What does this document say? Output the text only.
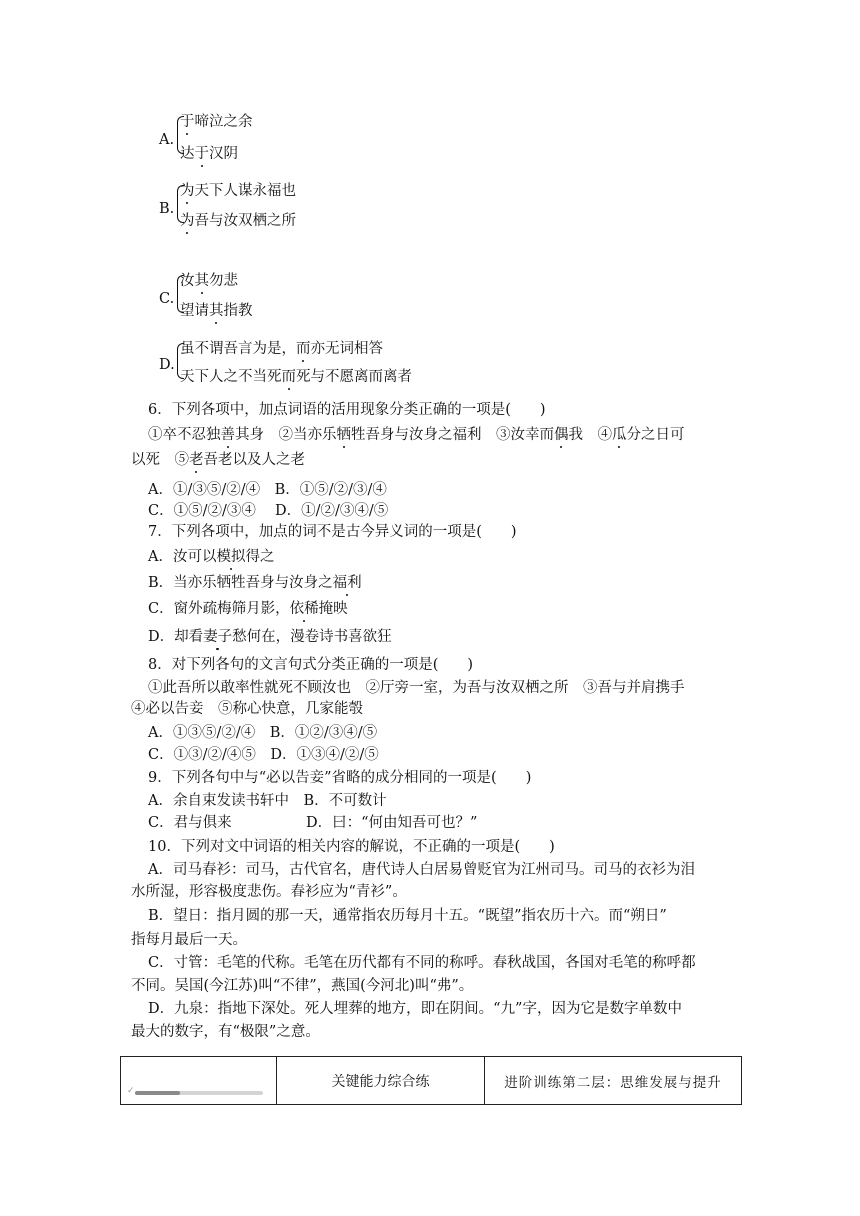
A.
于啼泣之余
达于汉阴
B.
为天下人谋永福也
为吾与汝双栖之所
C.
汝其勿悲
望请其指教
D.
虽不谓吾言为是，而亦无词相答
天下人之不当死而死与不愿离而离者
6．下列各项中，加点词语的活用现象分类正确的一项是(　　)
①卒不忍独善其身　②当亦乐牺牲吾身与汝身之福利　③汝幸而偶我　④瓜分之日可
以死　⑤老吾老以及人之老
A．①/③⑤/②/④　B．①⑤/②/③/④
C．①⑤/②/③④　 D．①/②/③④/⑤
7．下列各项中，加点的词不是古今异义词的一项是(　　)
A．汝可以模拟得之
B．当亦乐牺牲吾身与汝身之福利
C．窗外疏梅筛月影，依稀掩映
D．却看妻子愁何在，漫卷诗书喜欲狂
8．对下列各句的文言句式分类正确的一项是(　　)
①此吾所以敢率性就死不顾汝也　②厅旁一室，为吾与汝双栖之所　③吾与并肩携手
④必以告妾　⑤称心快意，几家能彀
A．①③⑤/②/④　B．①②/③④/⑤
C．①③/②/④⑤　D．①③④/②/⑤
9．下列各句中与“必以告妾”省略的成分相同的一项是(　　)
A．余自束发读书轩中　B．不可数计
C．君与俱来	D．曰：“何由知吾可也？”
10．下列对文中词语的相关内容的解说，不正确的一项是(　　)
A．司马春衫：司马，古代官名，唐代诗人白居易曾贬官为江州司马。司马的衣衫为泪
水所湿，形容极度悲伤。春衫应为“青衫”。
B．望日：指月圆的那一天，通常指农历每月十五。“既望”指农历十六。而“朔日”
指每月最后一天。
C．寸管：毛笔的代称。毛笔在历代都有不同的称呼。春秋战国，各国对毛笔的称呼都
不同。吴国(今江苏)叫“不律”，燕国(今河北)叫“弗”。
D．九泉：指地下深处。死人埋葬的地方，即在阴间。“九”字，因为它是数字单数中
最大的数字，有“极限”之意。
✓
关键能力综合练	进阶训练第二层：思维发展与提升
